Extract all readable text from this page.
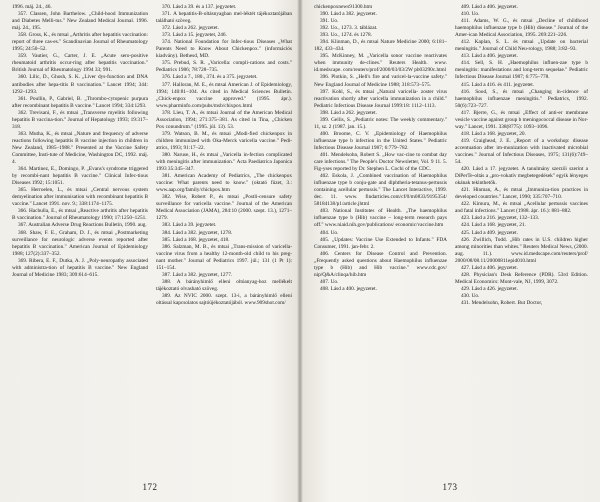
1996. máj. 24., 46.

357. Classen, John Barthelow. „Child-hood Immunization and Diabetes Melli-tus." New Zealand Medical Journal. 1996. máj. 24., 195.

358. Gross, K., és mtsai „Arthritis after hepatitis vaccination: report of three cas-es." Scandinavian Journal of Rheumatology 1995; 24:50–52.

359. Vautier, G., Carter, J. E. „Acute sero-positive rheumatoid arthritis occur-ring after hepatitis vaccination." British Journal of Rheumatology 1994 33; 991.

360. Lilic, D., Ghosh, S. K. „Liver dys-function and DNA antibodies after hepa-titis B vaccination." Lancet 1994; 344: 1292–1293.

361. Poullin, P., Gabriel, B. „Thrombo-cytopenic purpura after recombinant hepatitis B vaccine." Lancet 1994; 334:1293.

362. Trevisani, F., és mtsai „Transverse myelitis following hepatitis B vaccina-tion." Journal of Hepatology 1993; 19:317–318.

363. Mutha, K., és mtsai „Nature and frequency of adverse reactions following hepatitis B vaccine injection in children in New Zealand, 1985–1988." Presented at the Vaccine Safety Committee, Insti-tute of Medicine, Washington DC, 1992. máj. 4.

364. Martinez, E., Domingo, P. „Evans's syndrome triggered by recombi-nant hepatitis B vaccine." Clinical Infec-tious Diseases 1992; 15:1051.

365. Herroelen, L., és mtsai „Central nervous system demyelination after immunisation with recombinant hepatitis B vaccine." Lancet 1991. nov. 9.; 338:1174–1175.

366. Hachulla, E., és mtsai „Reactive arthritis after hepatitis B vaccination." Journal of Rheumatology 1990; 17:1250–1251.

367. Australian Adverse Drug Reactions Bulletin, 1990. aug.

368. Shaw, F. E., Graham, D. J., és mtsai „Postmarketing surveillance for neurologic adverse events reported after hepatitis B vaccination." American Journal of Epidemiology 1988; 127(2):337–352.

369. Ribera, E. F., Dutka, A. J. „Poly-neuropathy associated with administra-tion of hepatitis B vaccine." New England Journal of Medicine 1983; 309:614–615.

370. Lásd a 39. és a 137. jegyzetet.

371. A hepatitis-B-oltásnyagban mel-léktét tájékoztatójában található szöveg.

372. Lásd a 262. jegyzetet.

373. Lásd a 15. jegyzetet, 246.

374. National Foundation for Infec-tious Diseases „What Parents Need to Know About Chickenpox." (információs kiadvány). Bethesd, MD.

375. Prebud, S. R. „Varicella: compli-cations and costs." Pediatrics 1986; 78:728–735.

376. Lásd a 7., 180., 374. és a 375. jegyzetet.

377. Halloran, M. E., és mtsai American J. of Epidemiology, 1994; 140:81–104. As cited in Medical Sciences Bulletin. „Chick-enpox vaccine approved." (1995. ápr.). www.pharminfo.com/pubs/msb/chixpox.html

378. Lieu, T. A., és mtsai Journal of the American Medical Association, 1994; 271:375–381. As cited in Tina, „Chicken Pox conundrum." (1995. júl. 13). 53.

379. Watson, B. M., és mtsai „Modi-fied chickenpox in children immunized with Oka-Merck varicella vaccine." Pedi-atrics, 1993; 91:17–22.

380. Naruse, H., és mtsai „Varicella in-fection complicated with meningitis after immunization." Acta Paediatrica Japonica 1993 35:345–347.

381. American Academy of Pediatrics, „The chickenpox vaccine: What parents need to know." (oktató füzet, 3.: www.aap.org/family/chickpox.htm

382. Wise, Robert P., és mtsai „Postli-censure safety surveillance for varicella vaccine." Journal of the American Medical Association (JAMA), 284:10 (2000. szept. 13.), 1271–1279.

383. Lásd a 39. jegyzetet.

384. Lásd a 382. jegyzetet, 1278.

385. Lásd a 168. jegyzetet, 418.

386. Salzman, M. B., és mtsai „Trans-mission of varicella-vaccine virus from a healthy 12-month-old child to his preg-nant mother." Journal of Pediatrics 1997. júl.; 131 (1 Pt 1): 151–154.

387. Lásd a 382. jegyzetet, 1277.

388. A bárányhimlő elleni oltóanyag-hoz mellékelt tájékoztató olvasható szöveg.

389. Az NVIC 2000. szept. 13-i, a bárányhimlő elleni oltással kapcsolatos sajtóújékoztatójából. www.909shot.com/

172

chickenpoxnews91300.htm

390. Lásd a 382. jegyzetet.

391. Uo.

392. Uo., 1273. 3. táblázat.

393. Uo., 1274. és 1278.

394. Klinman, D., és mtsai Nature Medicine 2000; 6:181–182, 433–434.

395. McKinney, M. „Varicella sonor vaccine reactivates when immunity de-clines." Reuters Health. www. id.medscape. com/reuters/prof/2000/03/03/2W pb03290c.html

396. Plotkin, S. „Hell's fire and varicel-la-vaccine safety." New England Journal of Medicine 1988; 318:573–575.

397. Kohl, S., és mtsai „Natural varicella- zoster virus reactivation shortly after varicella immunization in a child." Pediatric Infectious Disease Journal 1999:18: 1112–1113.

398. Lásd a 262. jegyzetet.

399. Gellis, S. „Pediatric notes: The weekly commentary." 11, sz. 2 (1987. jan. 15.).

400. Broome, C. V. „Epidemiology of Haemophilus influenzae type b infection in the United States." Pediatric Infectious Disease Journal 1987; 6:779–782.

401. Mendelsohn, Robert S. „How vac-cine to combat day care infections." The People's Doctor Newsletter, Vol. 9 11. 5. Fig-yses reported by Dr. Stephen L. Cochi of the CDC.

402. Eskola, J. „Combined vaccination of Haemophilus influenzae type b conju-gate and diphtheria-tetanus-pertussis containing acellular pertussis." The Lancet Interactive, 1999. dec. 11. www. findarticles.com/cf/0/m0833/9195354/ 58184138/p1/article.jhtml

403. National Institutes of Health. „The haemophilus influenzae type b (Hib) vaccine – long-term research pays off." www.niaid.nih.gov/publications/ economic/vaccine.htm

404. Uo.

405. „Updates: Vaccine Use Extended to Infants." FDA Consumer, 1991. jan-febr. 2.

406. Centers for Disease Control and Prevention. „Frequently asked questions about Haemophilus influenzae type b (Hib) and Hib vaccine." www.cdc.gov/ nip/Q&A/clinqa/hib.htm

407. Uo.

408. Lásd a 400. jegyzetet.

409. Lásd a 406. jegyzetet.

410. Uo.

411. Adams, W. G., és mtsai „Decline of childhood haemophilus influenzae type b (Hib) disease." Journal of the Amer-ican Medical Association, 1995. 269:221–226.

412. Kaplan, S. L. és mtsai „Update on bacterial meningitis." Journal of Child Neu-rology, 1988; 3:82–93.

413. Lásd a 406. jegyzetet.

414. Sell, S. H. „Haemophilus influen-zae type b meningitis: manifestations and long-term sequelae." Pediatric Infectious Disease Journal 1987; 6:775–778.

415. Lásd a 416. és 411. jegyzetet.

416. Sood, S., és mtsai „Changing in-cidence of haemophilus influenzae meningitis." Pediatrics, 1992. 50(6):723–727.

417. Bjerre, G., és mtsai „Effect of anti-er membrane vesicle vaccine against group b meningococcal disease in Nor-way." Lancet, 1991. 338(8775): 1093–1096.

418. Lásd a 168. jegyzetet, 20.

419. Craighead, J. E. „Report of a workshop: disease accentuation after im-munization with inactivated microbial vaccines." Journal of Infectious Diseases, 1975; 131(6):749–54.

420. Lásd a 17. jegyzetet. A tanulmány szerzői szerint a DiPerTe-oltás a „pro-vokatív megbetegedések" egyik lényeges okának tekinthetők.

421. Hinman, A., és mtsai „Immuniza-tion practices in developed countries." Lancet, 1990; 335:707–710.

422. Kimura, M., és mtsai „Acellular pertussis vaccines and fatal infections." Lancet (1988. ápr. 16.): 881–882.

423. Lásd a 216. jegyzetet, 132–133.

424. Lásd a 168. jegyzetet, 21.

425. Lásd a 409. jegyzetet.

426. Zwillich, Todd. „Hib rates in U.S. children higher among minorities than whites." Reuters Medical News, (2000. aug. 11.). www.id.medscape.com/reuters/prof/ 2000/08/08.11/20000811epid010.html

427. Lásd a 406. jegyzetet.

428. Physician's Desk Reference (PDR). 53rd Edition. Medical Economics: Mont-vale, NJ, 1999, 3072.

429. Lásd a 426. jegyzetet.

430. Uo.

431. Mendelsohn, Robert. But Doctor,

173
